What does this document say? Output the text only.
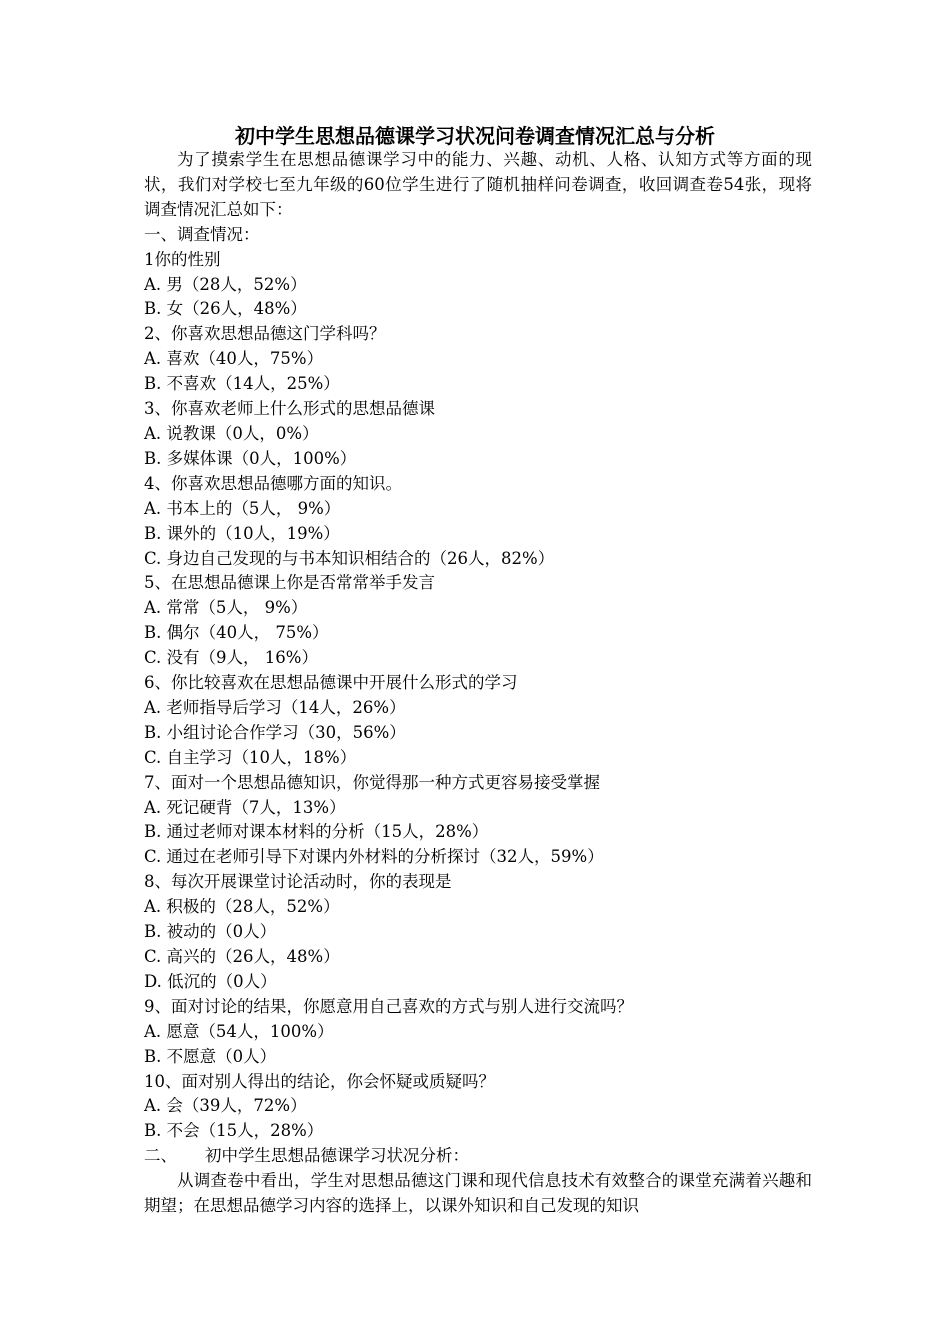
初中学生思想品德课学习状况问卷调查情况汇总与分析

为了摸索学生在思想品德课学习中的能力、兴趣、动机、人格、认知方式等方面的现状，我们对学校七至九年级的60位学生进行了随机抽样问卷调查，收回调查卷54张，现将调查情况汇总如下：

一、调查情况：

1你的性别

A. 男（28人，52%）

B. 女（26人，48%）

2、你喜欢思想品德这门学科吗？

A. 喜欢（40人，75%）

B. 不喜欢（14人，25%）

3、你喜欢老师上什么形式的思想品德课

A. 说教课（0人，0%）

B. 多媒体课（0人，100%）

4、你喜欢思想品德哪方面的知识。

A. 书本上的（5人， 9%）

B. 课外的（10人，19%）

C. 身边自己发现的与书本知识相结合的（26人，82%）

5、在思想品德课上你是否常常举手发言

A. 常常（5人， 9%）

B. 偶尔（40人， 75%）

C. 没有（9人， 16%）

6、你比较喜欢在思想品德课中开展什么形式的学习

A. 老师指导后学习（14人，26%）

B. 小组讨论合作学习（30，56%）

C. 自主学习（10人，18%）

7、面对一个思想品德知识，你觉得那一种方式更容易接受掌握

A. 死记硬背（7人，13%）

B. 通过老师对课本材料的分析（15人，28%）

C. 通过在老师引导下对课内外材料的分析探讨（32人，59%）

8、每次开展课堂讨论活动时，你的表现是

A. 积极的（28人，52%）

B. 被动的（0人）

C. 高兴的（26人，48%）

D. 低沉的（0人）

9、面对讨论的结果，你愿意用自己喜欢的方式与别人进行交流吗？

A. 愿意（54人，100%）

B. 不愿意（0人）

10、面对别人得出的结论，你会怀疑或质疑吗？

A. 会（39人，72%）

B. 不会（15人，28%）

二、 初中学生思想品德课学习状况分析：

从调查卷中看出，学生对思想品德这门课和现代信息技术有效整合的课堂充满着兴趣和期望；在思想品德学习内容的选择上，以课外知识和自己发现的知识
